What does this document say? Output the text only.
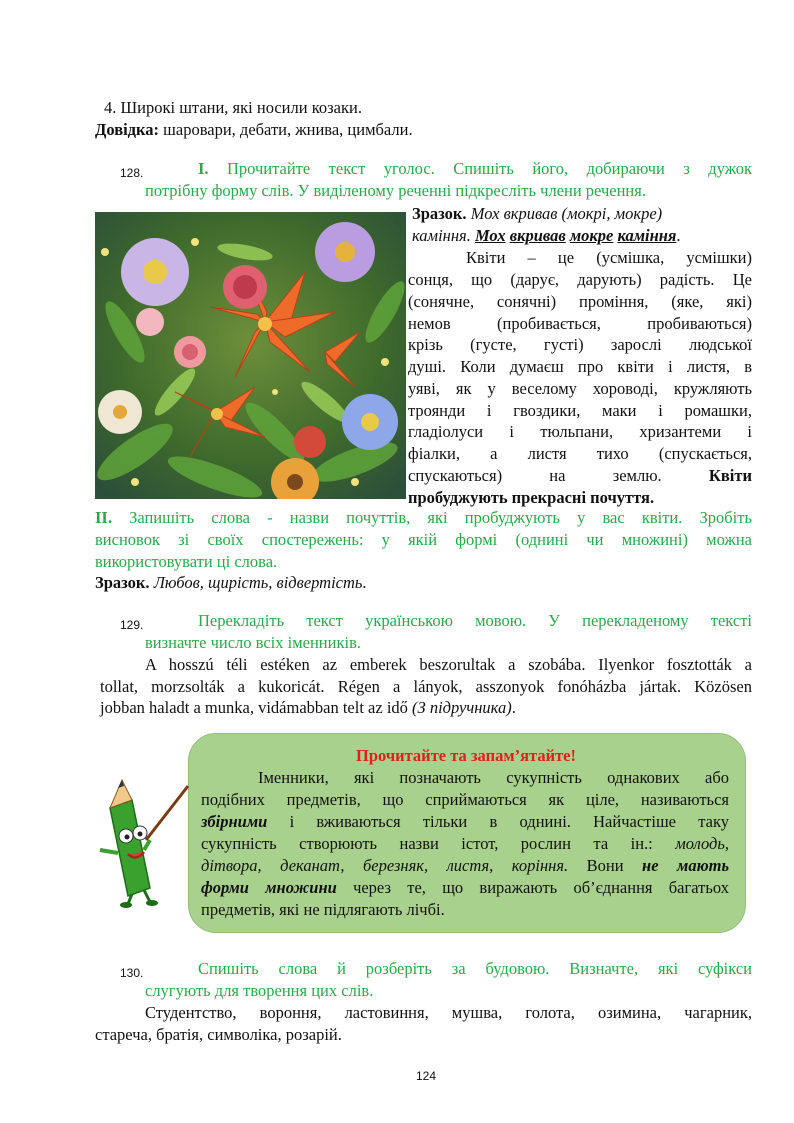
4. Широкі штани, які носили козаки.
Довідка: шаровари, дебати, жнива, цимбали.
128.	І. Прочитайте текст уголос. Спишіть його, добираючи з дужок
потрібну форму слів. У виділеному реченні підкресліть члени речення.
Зразок. Мох вкривав (мокрі, мокре)
каміння. Мох вкривав мокре каміння.
Квіти – це (усмішка, усмішки)
сонця, що (дарує, дарують) радість. Це
(сонячне, сонячні) проміння, (яке, які)
немов (пробивається, пробиваються)
крізь (густе, густі) зарослі людської
душі. Коли думаєш про квіти і листя, в
уяві, як у веселому хороводі, кружляють
троянди і гвоздики, маки і ромашки,
гладіолуси і тюльпани, хризантеми і
фіалки, а листя тихо (спускається,
спускаються) на землю. Квіти
пробуджують прекрасні почуття.
ІІ. Запишіть слова - назви почуттів, які пробуджують у вас квіти. Зробіть
висновок зі своїх спостережень: у якій формі (однині чи множині) можна
використовувати ці слова.
Зразок. Любов, щирість, відвертість.
129.	Перекладіть текст українською мовою. У перекладеному тексті
визначте число всіх іменників.
A hosszú téli estéken az emberek beszorultak a szobába. Ilyenkor fosztották a
tollat, morzsolták a kukoricát. Régen a lányok, asszonyok fonóházba jártak. Közösen
jobban haladt a munka, vidámabban telt az idő (З підручника).
Прочитайте та запам’ятайте!
Іменники, які позначають сукупність однакових або
подібних предметів, що сприймаються як ціле, називаються
збірними і вживаються тільки в однині. Найчастіше таку
сукупність створюють назви істот, рослин та ін.: молодь,
дітвора, деканат, березняк, листя, коріння. Вони не мають
форми множини через те, що виражають об’єднання багатьох
предметів, які не підлягають лічбі.
130.	Спишіть слова й розберіть за будовою. Визначте, які суфікси
слугують для творення цих слів.
Студентство, вороння, ластовиння, мушва, голота, озимина, чагарник,
стареча, братія, символіка, розарій.
124
